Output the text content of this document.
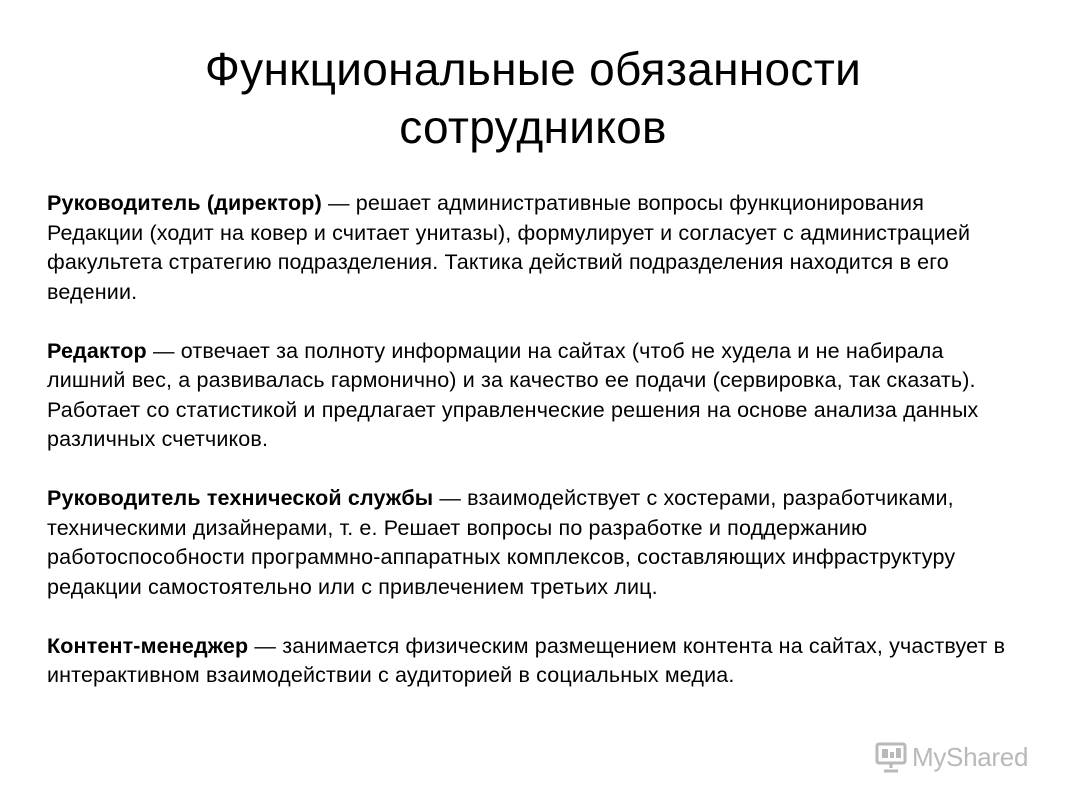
Функциональные обязанности
сотрудников

Руководитель (директор) — решает административные вопросы функционирования Редакции (ходит на ковер и считает унитазы), формулирует и согласует с администрацией факультета стратегию подразделения. Тактика действий подразделения находится в его ведении.

Редактор — отвечает за полноту информации на сайтах (чтоб не худела и не набирала лишний вес, а развивалась гармонично) и за качество ее подачи (сервировка, так сказать). Работает со статистикой и предлагает управленческие решения на основе анализа данных различных счетчиков.

Руководитель технической службы — взаимодействует с хостерами, разработчиками, техническими дизайнерами, т. е. Решает вопросы по разработке и поддержанию работоспособности программно-аппаратных комплексов, составляющих инфраструктуру редакции самостоятельно или с привлечением третьих лиц.

Контент-менеджер — занимается физическим размещением контента на сайтах, участвует в интерактивном взаимодействии с аудиторией в социальных медиа.

MyShared
